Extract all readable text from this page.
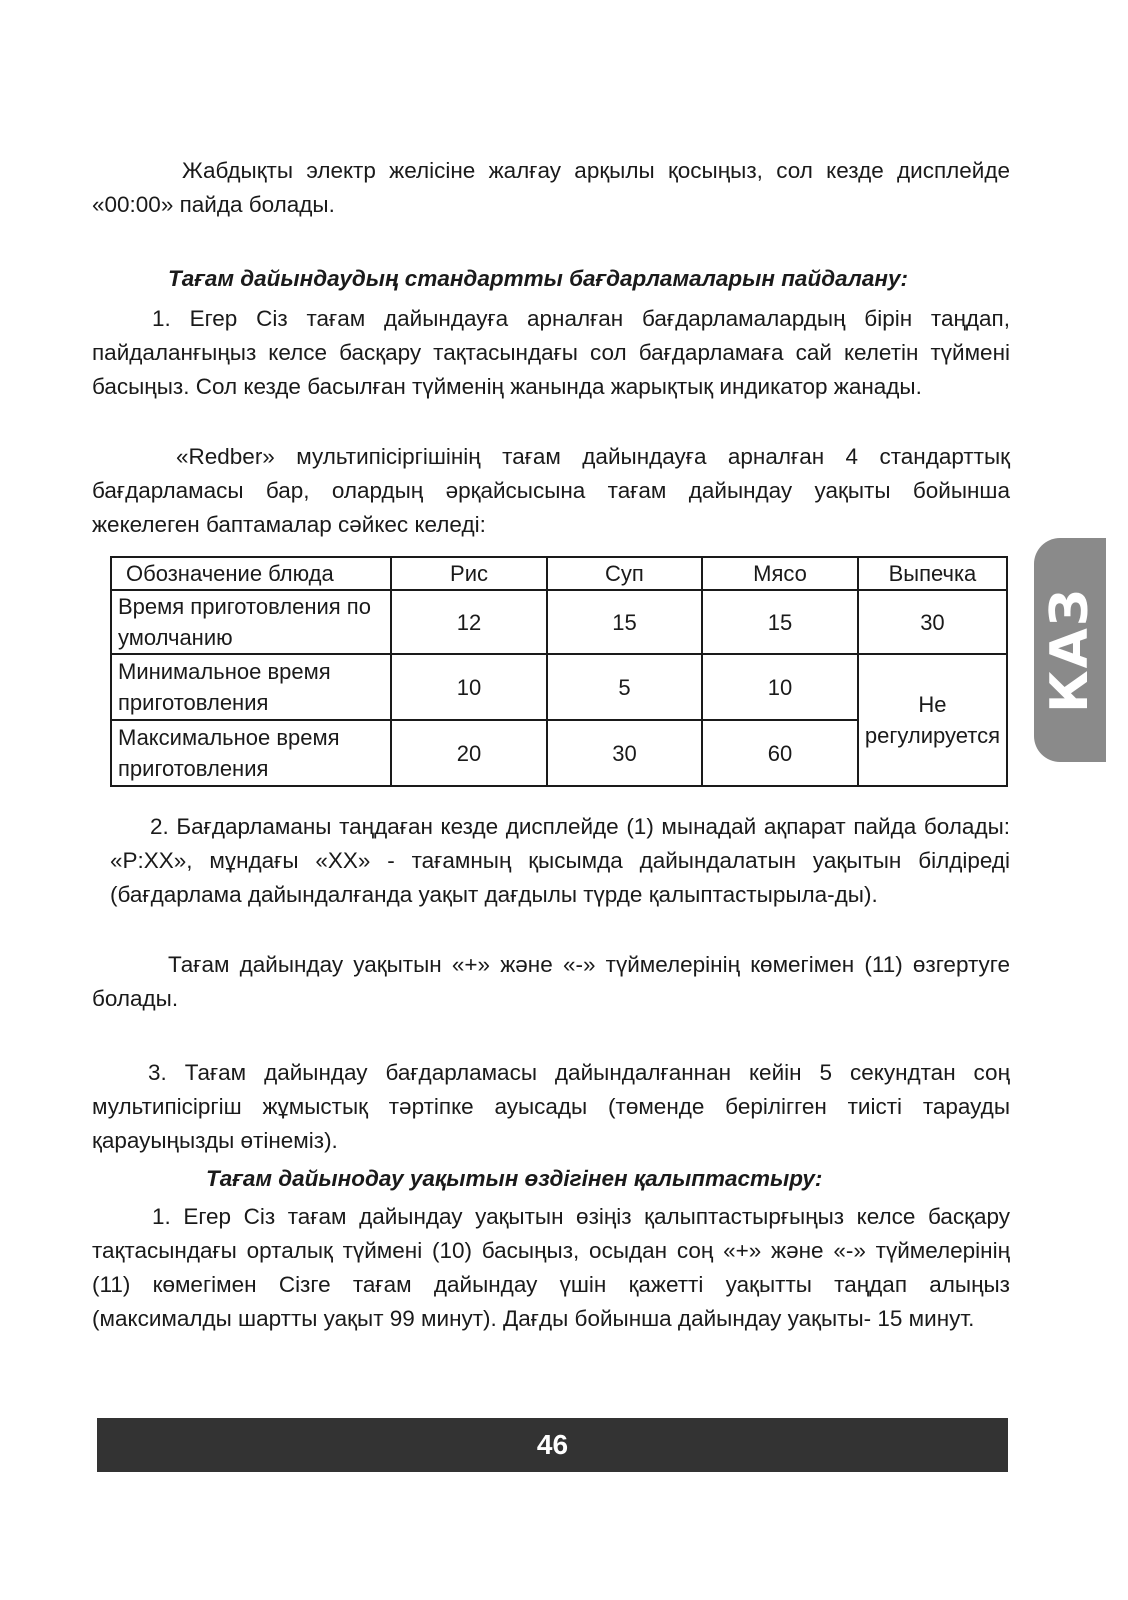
Жабдықты электр желісіне жалғау арқылы қосыңыз, сол кезде дисплейде «00:00» пайда болады.

Тағам дайындаудың стандартты бағдарламаларын пайдалану:

1. Егер Сіз тағам дайындауға арналған бағдарламалардың бірін таңдап, пайдаланғыңыз келсе басқару тақтасындағы сол бағдарламаға сай келетін түймені басыңыз. Сол кезде басылған түйменің жанында жарықтық индикатор жанады.

«Redber» мультипісіргішінің тағам дайындауға арналған 4 стандарттық бағдарламасы бар, олардың әрқайсысына тағам дайындау уақыты бойынша жекелеген баптамалар сәйкес келеді:

Обозначение блюда	Рис	Суп	Мясо	Выпечка
Время приготовления по умолчанию	12	15	15	30
Минимальное время приготовления	10	5	10	Не регулируется
Максимальное время приготовления	20	30	60	

2. Бағдарламаны таңдаған кезде дисплейде (1) мынадай ақпарат пайда болады: «P:XX», мұндағы «XX» - тағамның қысымда дайындалатын уақытын білдіреді (бағдарлама дайындалғанда уақыт дағдылы түрде қалыптастырыла-ды).

Тағам дайындау уақытын «+» және «-» түймелерінің көмегімен (11) өзгертуге болады.

3. Тағам дайындау бағдарламасы дайындалғаннан кейін 5 секундтан соң мультипісіргіш жұмыстық тәртіпке ауысады (төменде берілігген тиісті тарауды қарауыңызды өтінеміз).

Тағам дайынодау уақытын өздігінен қалыптастыру:

1. Егер Сіз тағам дайындау уақытын өзіңіз қалыптастырғыңыз келсе басқару тақтасындағы орталық түймені (10) басыңыз, осыдан соң «+» және «-» түймелерінің (11) көмегімен Сізге тағам дайындау үшін қажетті уақытты таңдап алыңыз (максималды шартты уақыт 99 минут). Дағды бойынша дайындау уақыты- 15 минут.

КАЗ
46
